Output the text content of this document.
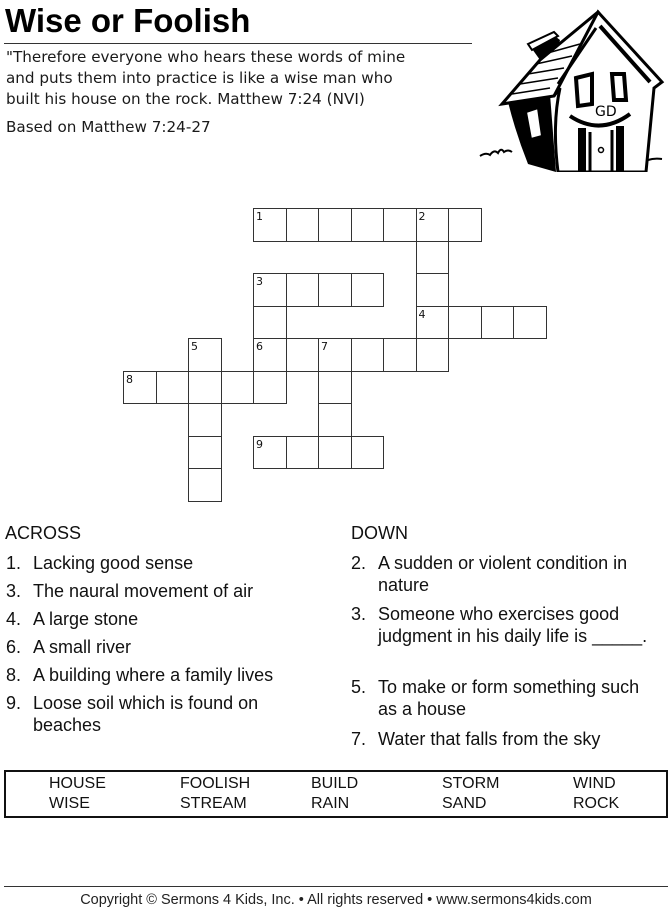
Wise or Foolish
"Therefore everyone who hears these words of mine
and puts them into practice is like a wise man who
built his house on the rock. Matthew 7:24 (NVI)
Based on Matthew 7:24-27
GD
1	2
3
4
5	6	7
8
9
ACROSS
1. Lacking good sense
3. The naural movement of air
4. A large stone
6. A small river
8. A building where a family lives
9. Loose soil which is found on beaches
DOWN
2. A sudden or violent condition in nature
3. Someone who exercises good judgment in his daily life is _____.
5. To make or form something such as a house
7. Water that falls from the sky
HOUSE	FOOLISH	BUILD	STORM	WIND
WISE	STREAM	RAIN	SAND	ROCK
Copyright © Sermons 4 Kids, Inc. • All rights reserved • www.sermons4kids.com
